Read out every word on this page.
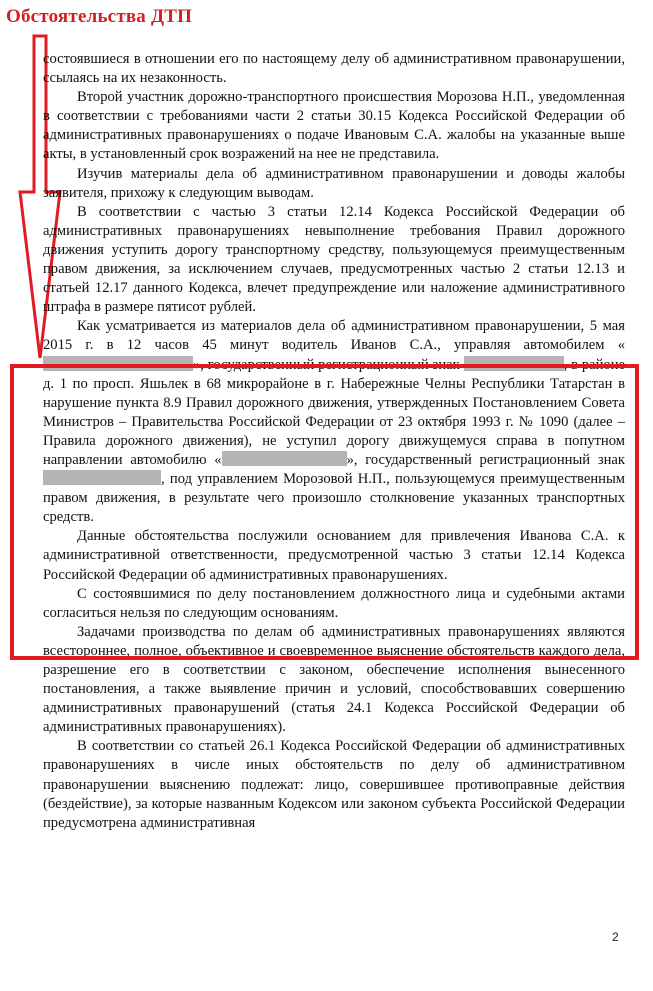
Обстоятельства ДТП

состоявшиеся в отношении его по настоящему делу об административном правонарушении, ссылаясь на их незаконность.

Второй участник дорожно-транспортного происшествия Морозова Н.П., уведомленная в соответствии с требованиями части 2 статьи 30.15 Кодекса Российской Федерации об административных правонарушениях о подаче Ивановым С.А. жалобы на указанные выше акты, в установленный срок возражений на нее не представила.

Изучив материалы дела об административном правонарушении и доводы жалобы заявителя, прихожу к следующим выводам.

В соответствии с частью 3 статьи 12.14 Кодекса Российской Федерации об административных правонарушениях невыполнение требования Правил дорожного движения уступить дорогу транспортному средству, пользующемуся преимущественным правом движения, за исключением случаев, предусмотренных частью 2 статьи 12.13 и статьей 12.17 данного Кодекса, влечет предупреждение или наложение административного штрафа в размере пятисот рублей.

Как усматривается из материалов дела об административном правонарушении, 5 мая 2015 г. в 12 часов 45 минут водитель Иванов С.А., управляя автомобилем «», государственный регистрационный знак	, в районе д. 1 по просп. Яшьлек в 68 микрорайоне в г. Набережные Челны Республики Татарстан в нарушение пункта 8.9 Правил дорожного движения, утвержденных Постановлением Совета Министров – Правительства Российской Федерации от 23 октября 1993 г. № 1090 (далее – Правила дорожного движения), не уступил дорогу движущемуся справа в попутном направлении автомобилю «	», государственный регистрационный знак , под управлением Морозовой Н.П., пользующемуся преимущественным правом движения, в результате чего произошло столкновение указанных транспортных средств.

Данные обстоятельства послужили основанием для привлечения Иванова С.А. к административной ответственности, предусмотренной частью 3 статьи 12.14 Кодекса Российской Федерации об административных правонарушениях.

С состоявшимися по делу постановлением должностного лица и судебными актами согласиться нельзя по следующим основаниям.

Задачами производства по делам об административных правонарушениях являются всестороннее, полное, объективное и своевременное выяснение обстоятельств каждого дела, разрешение его в соответствии с законом, обеспечение исполнения вынесенного постановления, а также выявление причин и условий, способствовавших совершению административных правонарушений (статья 24.1 Кодекса Российской Федерации об административных правонарушениях).

В соответствии со статьей 26.1 Кодекса Российской Федерации об административных правонарушениях в числе иных обстоятельств по делу об административном правонарушении выяснению подлежат: лицо, совершившее противоправные действия (бездействие), за которые названным Кодексом или законом субъекта Российской Федерации предусмотрена административная

2
